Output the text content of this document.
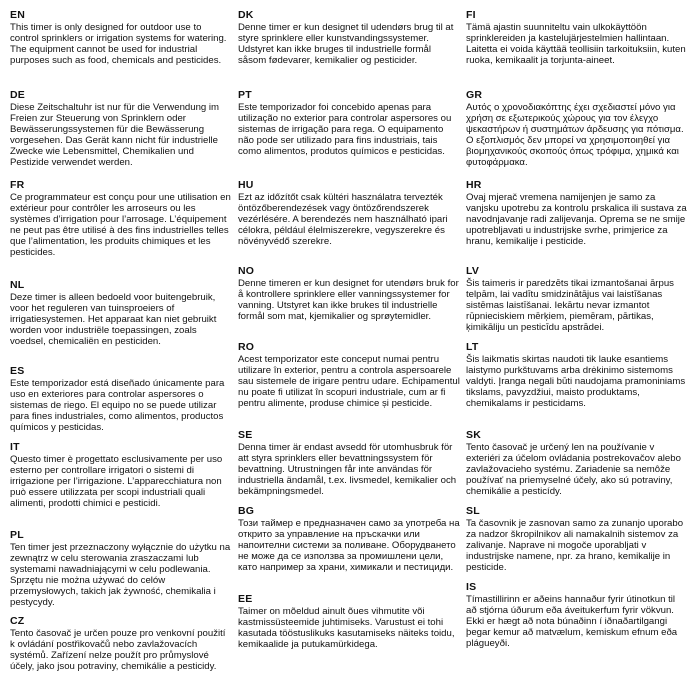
EN

This timer is only designed for outdoor use to control sprinklers or irrigation systems for watering. The equipment cannot be used for industrial purposes such as food, chemicals and pesticides.

DE

Diese Zeitschaltuhr ist nur für die Verwendung im Freien zur Steuerung von Sprinklern oder Bewässerungssystemen für die Bewässerung vorgesehen. Das Gerät kann nicht für industrielle Zwecke wie Lebensmittel, Chemikalien und Pestizide verwendet werden.

FR

Ce programmateur est conçu pour une utilisation en extérieur pour contrôler les arroseurs ou les systèmes d’irrigation pour l’arrosage. L’équipement ne peut pas être utilisé à des fins industrielles telles que l’alimentation, les produits chimiques et les pesticides.

NL

Deze timer is alleen bedoeld voor buitengebruik, voor het reguleren van tuinsproeiers of irrigatiesystemen. Het apparaat kan niet gebruikt worden voor industriële toepassingen, zoals voedsel, chemicaliën en pesticiden.

ES

Este temporizador está diseñado únicamente para uso en exteriores para controlar aspersores o sistemas de riego. El equipo no se puede utilizar para fines industriales, como alimentos, productos químicos y pesticidas.

IT

Questo timer è progettato esclusivamente per uso esterno per controllare irrigatori o sistemi di irrigazione per l’irrigazione. L’apparecchiatura non può essere utilizzata per scopi industriali quali alimenti, prodotti chimici e pesticidi.

PL

Ten timer jest przeznaczony wyłącznie do użytku na zewnątrz w celu sterowania zraszaczami lub systemami nawadniającymi w celu podlewania. Sprzętu nie można używać do celów przemysłowych, takich jak żywność, chemikalia i pestycydy.

CZ

Tento časovač je určen pouze pro venkovní použití k ovládání postřikovačů nebo zavlažovacích systémů. Zařízení nelze použít pro průmyslové účely, jako jsou potraviny, chemikálie a pesticidy.

DK

Denne timer er kun designet til udendørs brug til at styre sprinklere eller kunstvandingssystemer. Udstyret kan ikke bruges til industrielle formål såsom fødevarer, kemikalier og pesticider.

PT

Este temporizador foi concebido apenas para utilização no exterior para controlar aspersores ou sistemas de irrigação para rega. O equipamento não pode ser utilizado para fins industriais, tais como alimentos, produtos químicos e pesticidas.

HU

Ezt az időzítőt csak kültéri használatra tervezték öntözőberendezések vagy öntözőrendszerek vezérlésére. A berendezés nem használható ipari célokra, például élelmiszerekre, vegyszerekre és növényvédő szerekre.

NO

Denne timeren er kun designet for utendørs bruk for å kontrollere sprinklere eller vanningssystemer for vanning. Utstyret kan ikke brukes til industrielle formål som mat, kjemikalier og sprøytemidler.

RO

Acest temporizator este conceput numai pentru utilizare în exterior, pentru a controla aspersoarele sau sistemele de irigare pentru udare. Echipamentul nu poate fi utilizat în scopuri industriale, cum ar fi pentru alimente, produse chimice și pesticide.

SE

Denna timer är endast avsedd för utomhusbruk för att styra sprinklers eller bevattningssystem för bevattning. Utrustningen får inte användas för industriella ändamål, t.ex. livsmedel, kemikalier och bekämpningsmedel.

BG

Този таймер е предназначен само за употреба на открито за управление на пръскачки или напоителни системи за поливане. Оборудването не може да се използва за промишлени цели, като например за храни, химикали и пестициди.

EE

Taimer on mõeldud ainult õues vihmutite või kastmissüsteemide juhtimiseks. Varustust ei tohi kasutada tööstuslikuks kasutamiseks näiteks toidu, kemikaalide ja putukamürkidega.

FI

Tämä ajastin suunniteltu vain ulkokäyttöön sprinklereiden ja kastelujärjestelmien hallintaan. Laitetta ei voida käyttää teollisiin tarkoituksiin, kuten ruoka, kemikaalit ja torjunta-aineet.

GR

Αυτός ο χρονοδιακόπτης έχει σχεδιαστεί μόνο για χρήση σε εξωτερικούς χώρους για τον έλεγχο ψεκαστήρων ή συστημάτων άρδευσης για πότισμα. Ο εξοπλισμός δεν μπορεί να χρησιμοποιηθεί για βιομηχανικούς σκοπούς όπως τρόφιμα, χημικά και φυτοφάρμακα.

HR

Ovaj mjerač vremena namijenjen je samo za vanjsku upotrebu za kontrolu prskalica ili sustava za navodnjavanje radi zalijevanja. Oprema se ne smije upotrebljavati u industrijske svrhe, primjerice za hranu, kemikalije i pesticide.

LV

Šis taimeris ir paredzēts tikai izmantošanai ārpus telpām, lai vadītu smidzinātājus vai laistīšanas sistēmas laistīšanai. Iekārtu nevar izmantot rūpnieciskiem mērķiem, piemēram, pārtikas, ķimikāliju un pesticīdu apstrādei.

LT

Šis laikmatis skirtas naudoti tik lauke esantiems laistymo purkštuvams arba drėkinimo sistemoms valdyti. Įranga negali būti naudojama pramoniniams tikslams, pavyzdžiui, maisto produktams, chemikalams ir pesticidams.

SK

Tento časovač je určený len na používanie v exteriéri za účelom ovládania postrekovačov alebo zavlažovacieho systému. Zariadenie sa nemôže používať na priemyselné účely, ako sú potraviny, chemikálie a pesticídy.

SL

Ta časovnik je zasnovan samo za zunanjo uporabo za nadzor škropilnikov ali namakalnih sistemov za zalivanje. Naprave ni mogoče uporabljati v industrijske namene, npr. za hrano, kemikalije in pesticide.

IS

Tímastillirinn er aðeins hannaður fyrir útinotkun til að stjórna úðurum eða áveitukerfum fyrir vökvun. Ekki er hægt að nota búnaðinn í iðnaðartilgangi þegar kemur að matvælum, kemiskum efnum eða plágueyði.
